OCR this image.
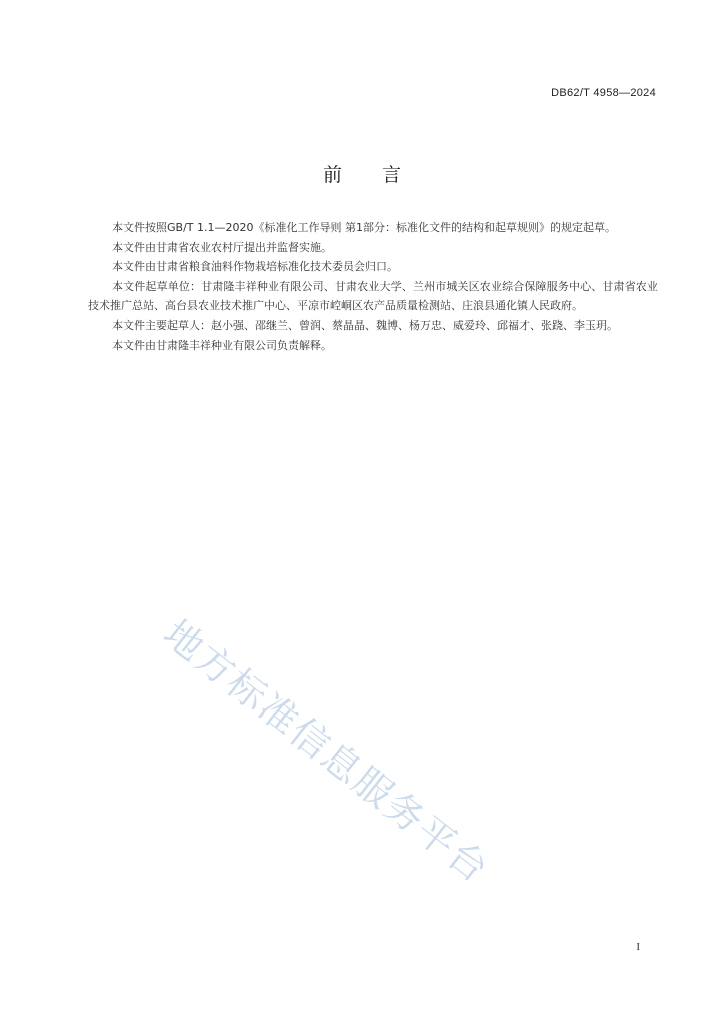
DB62/T 4958—2024
前言

本文件按照GB/T 1.1—2020《标准化工作导则 第1部分：标准化文件的结构和起草规则》的规定起草。

本文件由甘肃省农业农村厅提出并监督实施。

本文件由甘肃省粮食油料作物栽培标准化技术委员会归口。

本文件起草单位：甘肃隆丰祥种业有限公司、甘肃农业大学、兰州市城关区农业综合保障服务中心、甘肃省农业技术推广总站、高台县农业技术推广中心、平凉市崆峒区农产品质量检测站、庄浪县通化镇人民政府。

本文件主要起草人：赵小强、邵继兰、曾润、蔡晶晶、魏博、杨万忠、威爱玲、邱福才、张跷、李玉玥。

本文件由甘肃隆丰祥种业有限公司负责解释。

地方标准信息服务平台
I
